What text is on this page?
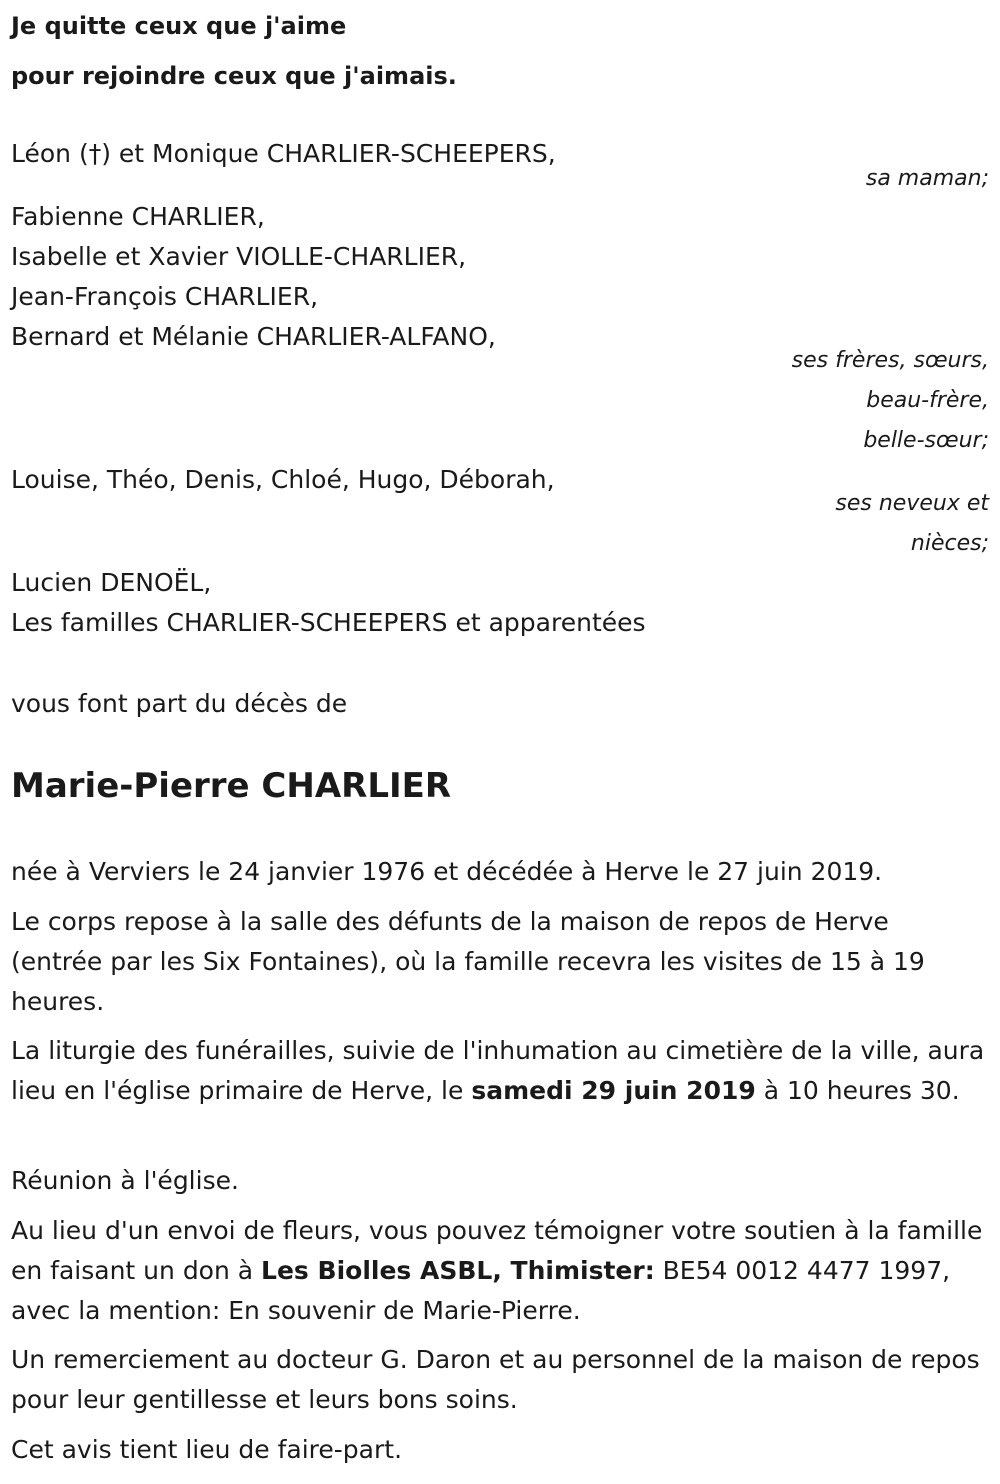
Je quitte ceux que j'aime
pour rejoindre ceux que j'aimais.
Léon (†) et Monique CHARLIER-SCHEEPERS,
sa maman;
Fabienne CHARLIER,
Isabelle et Xavier VIOLLE-CHARLIER,
Jean-François CHARLIER,
Bernard et Mélanie CHARLIER-ALFANO,
ses frères, sœurs,
beau-frère,
belle-sœur;
Louise, Théo, Denis, Chloé, Hugo, Déborah,
ses neveux et
nièces;
Lucien DENOËL,
Les familles CHARLIER-SCHEEPERS et apparentées
vous font part du décès de
Marie-Pierre CHARLIER
née à Verviers le 24 janvier 1976 et décédée à Herve le 27 juin 2019.
Le corps repose à la salle des défunts de la maison de repos de Herve (entrée par les Six Fontaines), où la famille recevra les visites de 15 à 19 heures.
La liturgie des funérailles, suivie de l'inhumation au cimetière de la ville, aura lieu en l'église primaire de Herve, le samedi 29 juin 2019 à 10 heures 30.
Réunion à l'église.
Au lieu d'un envoi de fleurs, vous pouvez témoigner votre soutien à la famille en faisant un don à Les Biolles ASBL, Thimister: BE54 0012 4477 1997, avec la mention: En souvenir de Marie-Pierre.
Un remerciement au docteur G. Daron et au personnel de la maison de repos pour leur gentillesse et leurs bons soins.
Cet avis tient lieu de faire-part.
